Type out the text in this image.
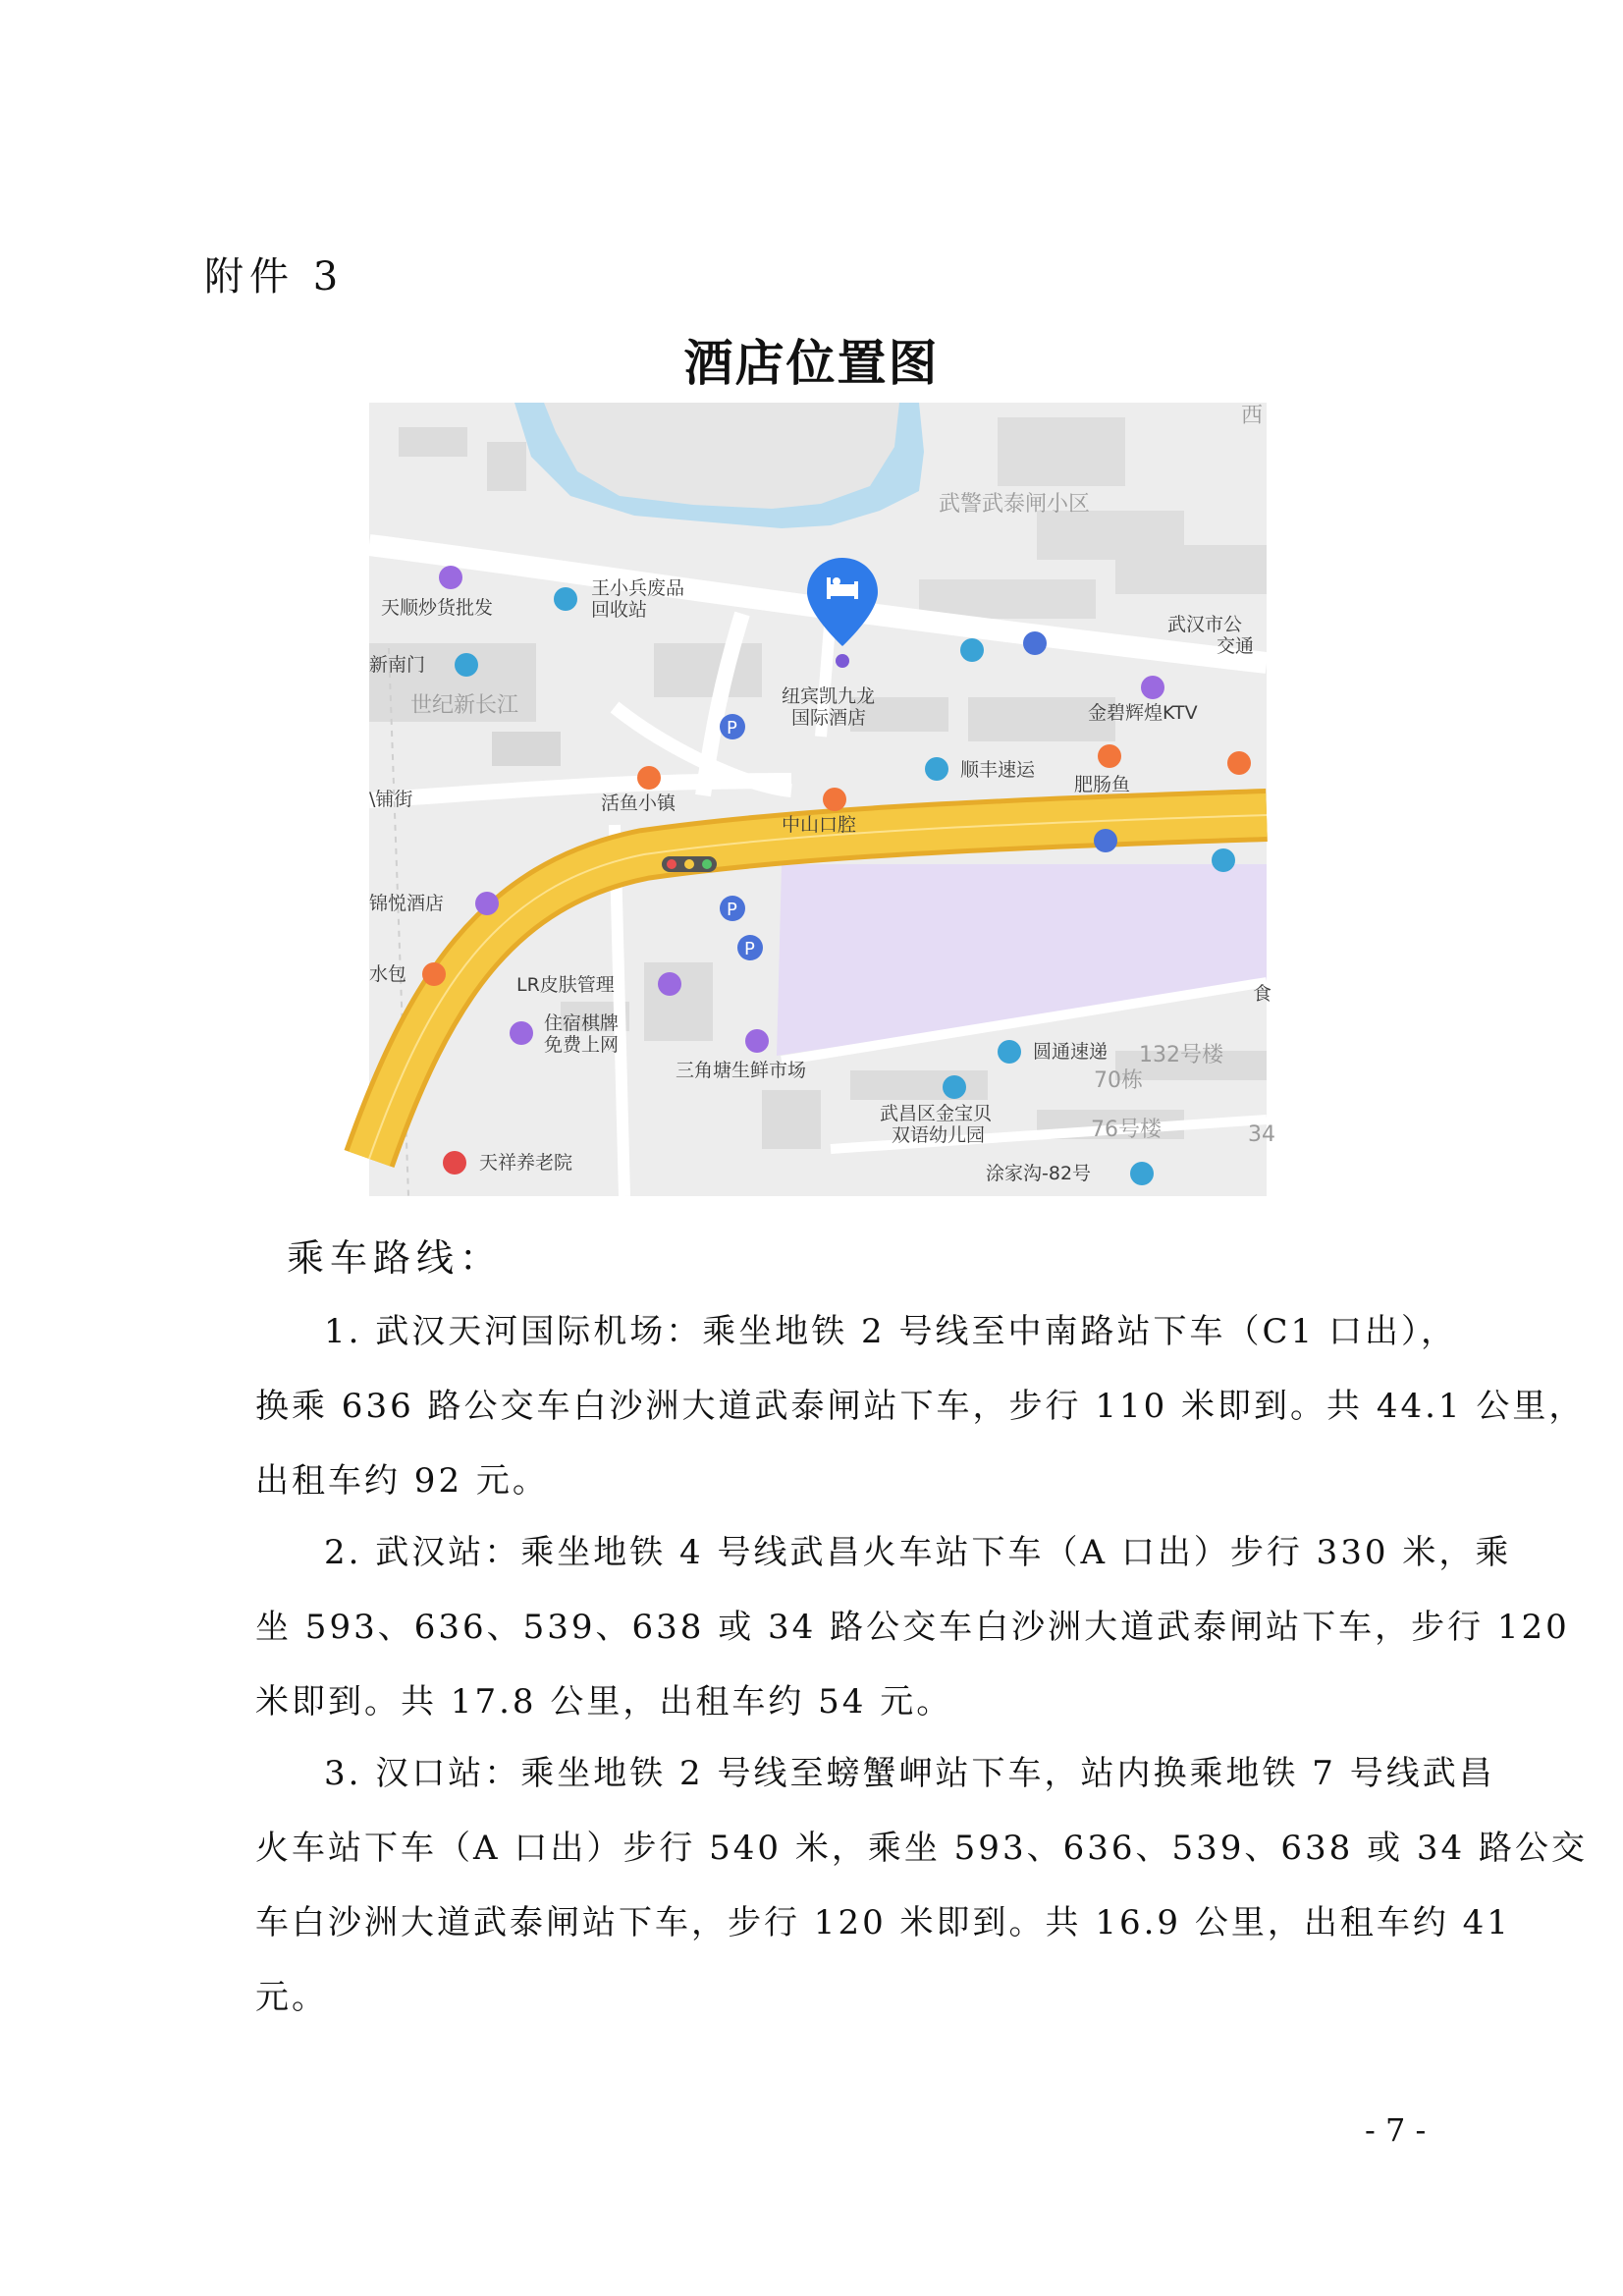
附件 3
酒店位置图
P
P
P
西
武警武泰闸小区
天顺炒货批发
王小兵废品
回收站
武汉市公
交通
新南门
世纪新长江	纽宾凯九龙
国际酒店	金碧辉煌KTV
顺丰速运
肥肠鱼
\铺街	活鱼小镇
中山口腔
锦悦酒店
水包	LR皮肤管理
住宿棋牌
免费上网
三角塘生鲜市场
圆通速递 132号楼
70栋
武昌区金宝贝
双语幼儿园	76号楼	34
天祥养老院	涂家沟-82号
食
乘车路线：
1. 武汉天河国际机场：乘坐地铁 2 号线至中南路站下车（C1 口出），
换乘 636 路公交车白沙洲大道武泰闸站下车，步行 110 米即到。共 44.1 公里，
出租车约 92 元。
2. 武汉站：乘坐地铁 4 号线武昌火车站下车（A 口出）步行 330 米，乘
坐 593、636、539、638 或 34 路公交车白沙洲大道武泰闸站下车，步行 120
米即到。共 17.8 公里，出租车约 54 元。
3. 汉口站：乘坐地铁 2 号线至螃蟹岬站下车，站内换乘地铁 7 号线武昌
火车站下车（A 口出）步行 540 米，乘坐 593、636、539、638 或 34 路公交
车白沙洲大道武泰闸站下车，步行 120 米即到。共 16.9 公里，出租车约 41
元。
- 7 -
